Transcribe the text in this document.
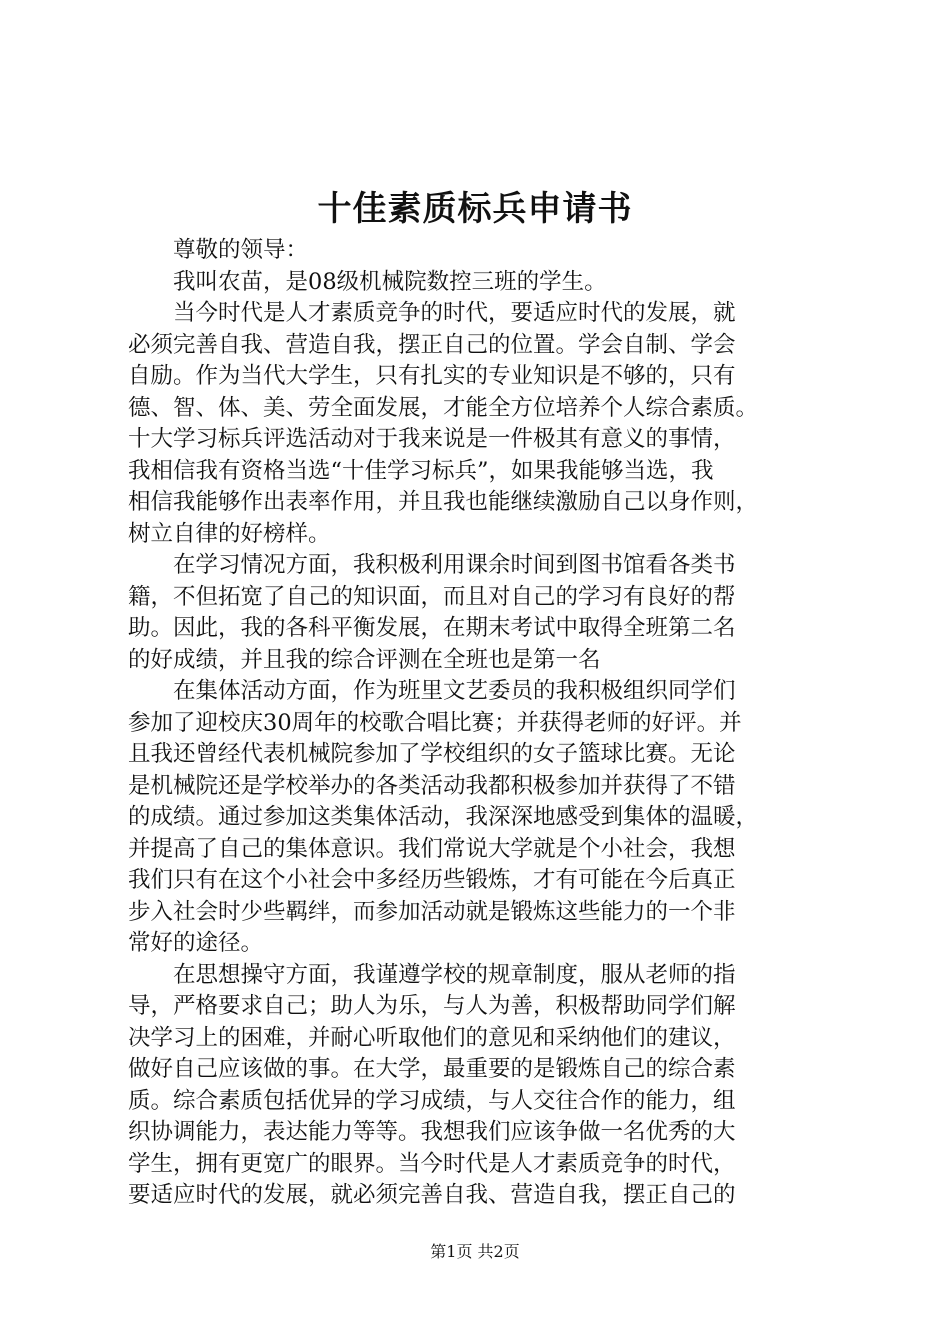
十佳素质标兵申请书

尊敬的领导：

我叫农苗，是08级机械院数控三班的学生。

当今时代是人才素质竞争的时代，要适应时代的发展，就
必须完善自我、营造自我，摆正自己的位置。学会自制、学会
自励。作为当代大学生，只有扎实的专业知识是不够的，只有
德、智、体、美、劳全面发展，才能全方位培养个人综合素质。
十大学习标兵评选活动对于我来说是一件极其有意义的事情，
我相信我有资格当选“十佳学习标兵”，如果我能够当选，我
相信我能够作出表率作用，并且我也能继续激励自己以身作则，
树立自律的好榜样。

在学习情况方面，我积极利用课余时间到图书馆看各类书
籍，不但拓宽了自己的知识面，而且对自己的学习有良好的帮
助。因此，我的各科平衡发展，在期末考试中取得全班第二名
的好成绩，并且我的综合评测在全班也是第一名

在集体活动方面，作为班里文艺委员的我积极组织同学们
参加了迎校庆30周年的校歌合唱比赛；并获得老师的好评。并
且我还曾经代表机械院参加了学校组织的女子篮球比赛。无论
是机械院还是学校举办的各类活动我都积极参加并获得了不错
的成绩。通过参加这类集体活动，我深深地感受到集体的温暖，
并提高了自己的集体意识。我们常说大学就是个小社会，我想
我们只有在这个小社会中多经历些锻炼，才有可能在今后真正
步入社会时少些羁绊，而参加活动就是锻炼这些能力的一个非
常好的途径。

在思想操守方面，我谨遵学校的规章制度，服从老师的指
导，严格要求自己；助人为乐，与人为善，积极帮助同学们解
决学习上的困难，并耐心听取他们的意见和采纳他们的建议，
做好自己应该做的事。在大学，最重要的是锻炼自己的综合素
质。综合素质包括优异的学习成绩，与人交往合作的能力，组
织协调能力，表达能力等等。我想我们应该争做一名优秀的大
学生，拥有更宽广的眼界。当今时代是人才素质竞争的时代，
要适应时代的发展，就必须完善自我、营造自我，摆正自己的

第1页 共2页
